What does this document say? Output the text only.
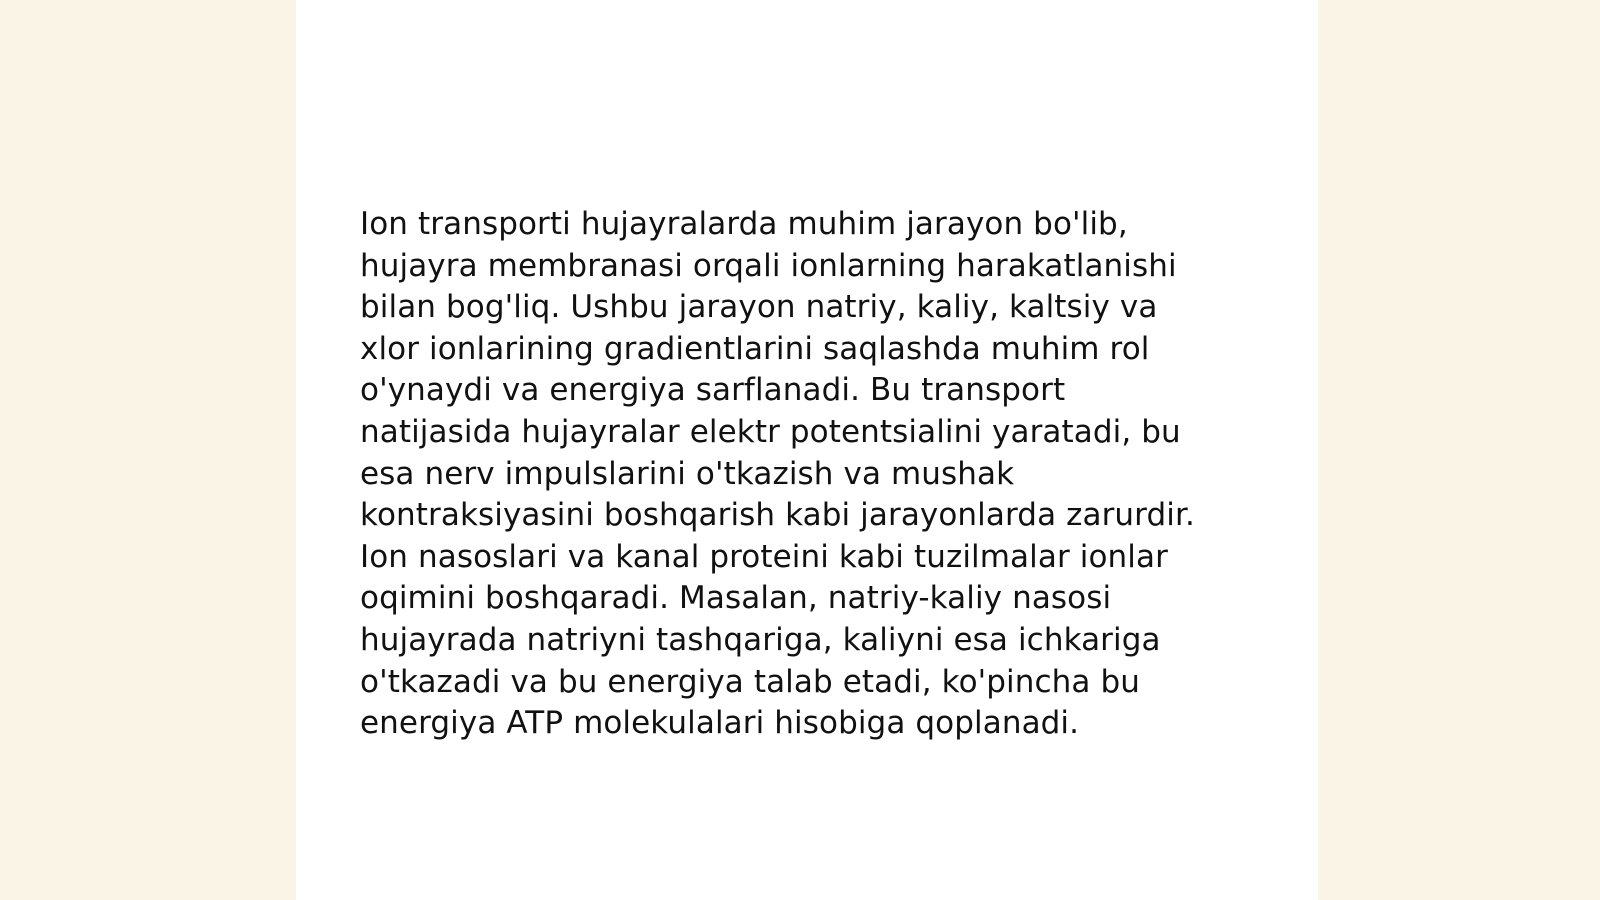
Ion transporti hujayralarda muhim jarayon bo'lib,
hujayra membranasi orqali ionlarning harakatlanishi
bilan bog'liq. Ushbu jarayon natriy, kaliy, kaltsiy va
xlor ionlarining gradientlarini saqlashda muhim rol
o'ynaydi va energiya sarflanadi. Bu transport
natijasida hujayralar elektr potentsialini yaratadi, bu
esa nerv impulslarini o'tkazish va mushak
kontraksiyasini boshqarish kabi jarayonlarda zarurdir.
Ion nasoslari va kanal proteini kabi tuzilmalar ionlar
oqimini boshqaradi. Masalan, natriy-kaliy nasosi
hujayrada natriyni tashqariga, kaliyni esa ichkariga
o'tkazadi va bu energiya talab etadi, ko'pincha bu
energiya ATP molekulalari hisobiga qoplanadi.
